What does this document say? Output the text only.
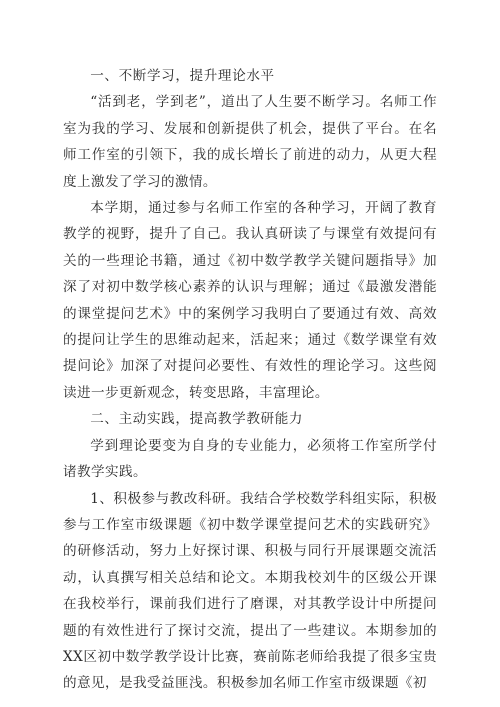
一、不断学习，提升理论水平

“活到老，学到老”，道出了人生要不断学习。名师工作室为我的学习、发展和创新提供了机会，提供了平台。在名师工作室的引领下，我的成长増长了前进的动力，从更大程度上激发了学习的激情。

本学期，通过参与名师工作室的各种学习，开阔了教育教学的视野，提升了自己。我认真研读了与课堂有效提问有关的一些理论书籍，通过《初中数学教学关键问题指导》加深了对初中数学核心素养的认识与理解；通过《最激发潜能的课堂提问艺术》中的案例学习我明白了要通过有效、高效的提问让学生的思维动起来，活起来；通过《数学课堂有效提问论》加深了对提问必要性、有效性的理论学习。这些阅读进一步更新观念，转变思路，丰富理论。

二、主动实践，提高教学教研能力

学到理论要变为自身的专业能力，必须将工作室所学付诸教学实践。

1、积极参与教改科研。我结合学校数学科组实际，积极参与工作室市级课题《初中数学课堂提问艺术的实践研究》的研修活动，努力上好探讨课、积极与同行开展课题交流活动，认真撰写相关总结和论文。本期我校刘牛的区级公开课在我校举行，课前我们进行了磨课，对其教学设计中所提问题的有效性进行了探讨交流，提出了一些建议。本期参加的XX区初中数学教学设计比赛，赛前陈老师给我提了很多宝贵的意见，是我受益匪浅。积极参加名师工作室市级课题《初
